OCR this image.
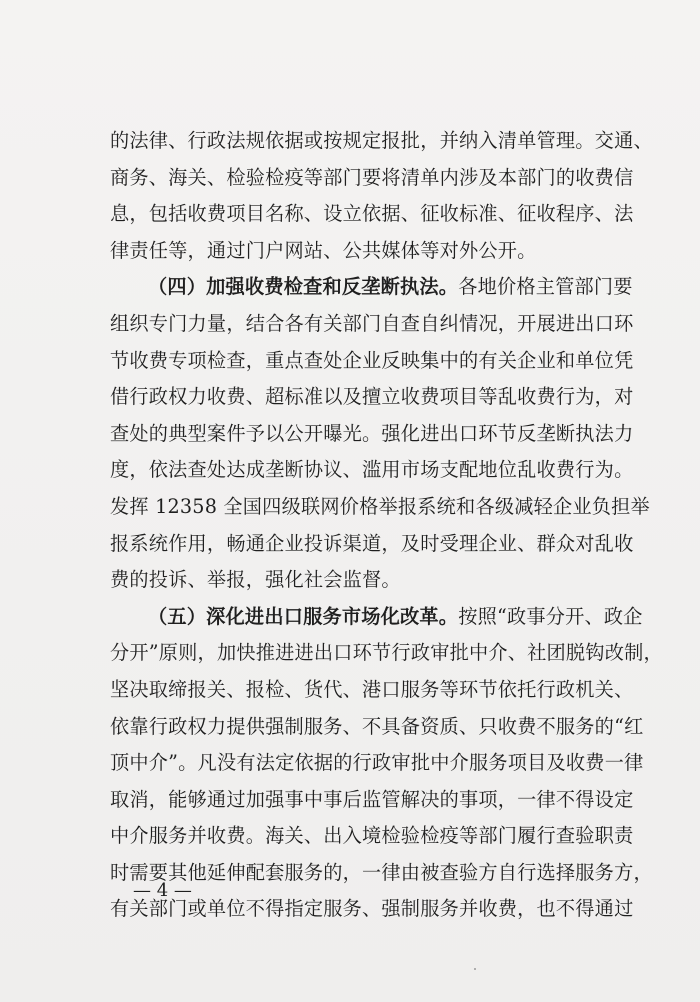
的法律、行政法规依据或按规定报批，并纳入清单管理。交通、
商务、海关、检验检疫等部门要将清单内涉及本部门的收费信
息，包括收费项目名称、设立依据、征收标准、征收程序、法
律责任等，通过门户网站、公共媒体等对外公开。
（四）加强收费检查和反垄断执法。各地价格主管部门要
组织专门力量，结合各有关部门自查自纠情况，开展进出口环
节收费专项检查，重点查处企业反映集中的有关企业和单位凭
借行政权力收费、超标准以及擅立收费项目等乱收费行为，对
查处的典型案件予以公开曝光。强化进出口环节反垄断执法力
度，依法查处达成垄断协议、滥用市场支配地位乱收费行为。
发挥 12358 全国四级联网价格举报系统和各级减轻企业负担举
报系统作用，畅通企业投诉渠道，及时受理企业、群众对乱收
费的投诉、举报，强化社会监督。
（五）深化进出口服务市场化改革。按照“政事分开、政企
分开”原则，加快推进进出口环节行政审批中介、社团脱钩改制，
坚决取缔报关、报检、货代、港口服务等环节依托行政机关、
依靠行政权力提供强制服务、不具备资质、只收费不服务的“红
顶中介”。凡没有法定依据的行政审批中介服务项目及收费一律
取消，能够通过加强事中事后监管解决的事项，一律不得设定
中介服务并收费。海关、出入境检验检疫等部门履行查验职责
时需要其他延伸配套服务的，一律由被查验方自行选择服务方，
有关部门或单位不得指定服务、强制服务并收费，也不得通过
— 4 —
